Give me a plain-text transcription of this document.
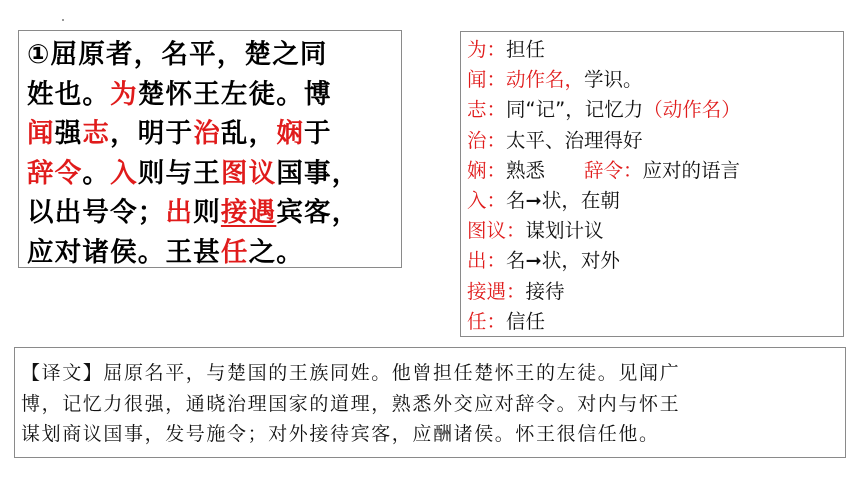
①屈原者，名平，楚之同
姓也。为楚怀王左徒。博
闻强志，明于治乱，娴于
辞令。入则与王图议国事，
以出号令；出则接遇宾客，
应对诸侯。王甚任之。
为：担任
闻：动作名，学识。
志：同“记”，记忆力（动作名）
治：太平、治理得好
娴：熟悉　　辞令：应对的语言
入：名➞状，在朝
图议：谋划计议
出：名➞状，对外
接遇：接待
任：信任
【译文】屈原名平，与楚国的王族同姓。他曾担任楚怀王的左徒。见闻广
博，记忆力很强，通晓治理国家的道理，熟悉外交应对辞令。对内与怀王
谋划商议国事，发号施令；对外接待宾客，应酬诸侯。怀王很信任他。
